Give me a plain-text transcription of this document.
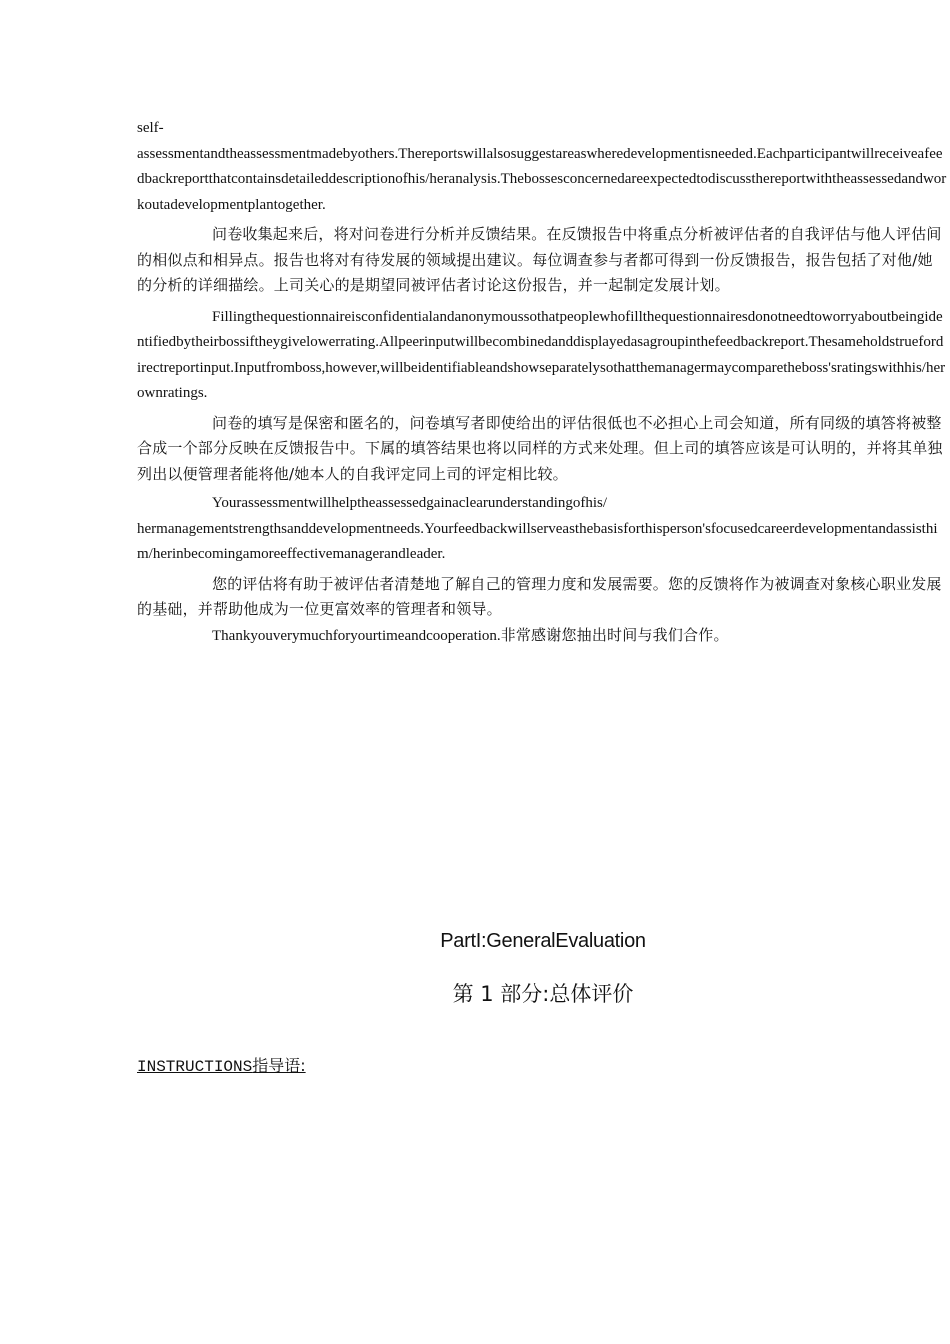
self-
assessmentandtheassessmentmadebyothers.Thereportswillalsosuggestareaswheredevelopmentisneeded.Eachparticipantwillreceiveafeedbackreportthatcontainsdetaileddescriptionofhis/heranalysis.Thebossesconcernedareexpectedtodiscussthereportwiththeassessedandworkoutadevelopmentplantogether.

问卷收集起来后，将对问卷进行分析并反馈结果。在反馈报告中将重点分析被评估者的自我评估与他人评估间的相似点和相异点。报告也将对有待发展的领域提出建议。每位调查参与者都可得到一份反馈报告，报告包括了对他/她的分析的详细描绘。上司关心的是期望同被评估者讨论这份报告，并一起制定发展计划。

Fillingthequestionnaireisconfidentialandanonymoussothatpeoplewhofillthequestionnairesdonotneedtoworryaboutbeingidentifiedbytheirbossiftheygivelowerrating.Allpeerinputwillbecombinedanddisplayedasagroupinthefeedbackreport.Thesameholdstruefordirectreportinput.Inputfromboss,however,willbeidentifiableandshowseparatelysothatthemanagermaycomparetheboss'sratingswithhis/herownratings.

问卷的填写是保密和匿名的，问卷填写者即使给出的评估很低也不必担心上司会知道，所有同级的填答将被整合成一个部分反映在反馈报告中。下属的填答结果也将以同样的方式来处理。但上司的填答应该是可认明的，并将其单独列出以便管理者能将他/她本人的自我评定同上司的评定相比较。

Yourassessmentwillhelptheassessedgainaclearunderstandingofhis/
hermanagementstrengthsanddevelopmentneeds.Yourfeedbackwillserveasthebasisforthisperson'sfocusedcareerdevelopmentandassisthim/herinbecomingamoreeffectivemanagerandleader.

您的评估将有助于被评估者清楚地了解自己的管理力度和发展需要。您的反馈将作为被调查对象核心职业发展的基础，并帮助他成为一位更富效率的管理者和领导。

Thankyouverymuchforyourtimeandcooperation.非常感谢您抽出时间与我们合作。

PartI:GeneralEvaluation
第 1 部分:总体评价
INSTRUCTIONS指导语:
